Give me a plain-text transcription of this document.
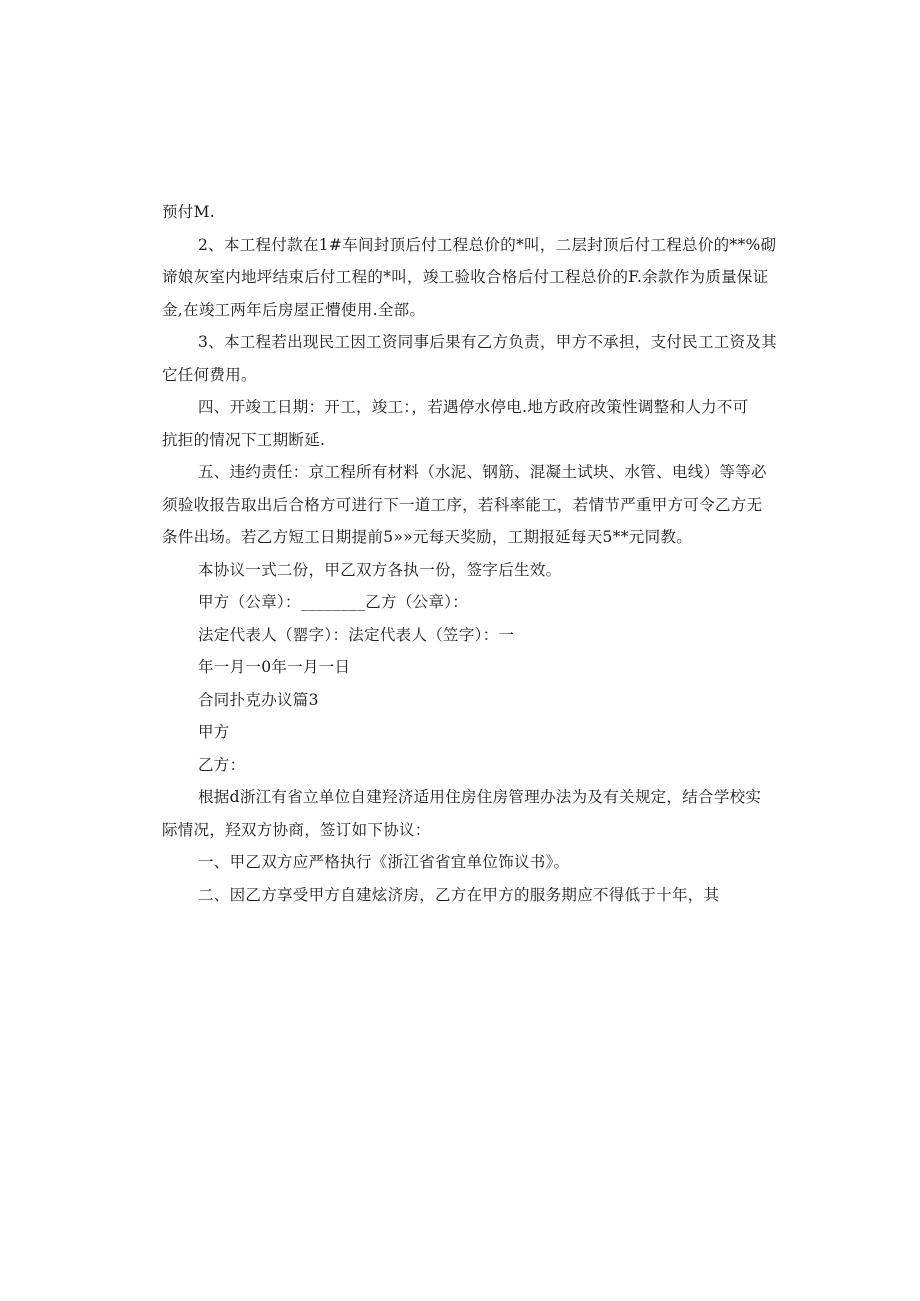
预付M.
2、本工程付款在1#车间封顶后付工程总价的*叫，二层封顶后付工程总价的**%砌
谛娘灰室内地坪结束后付工程的*叫，竣工验收合格后付工程总价的F.余款作为质量保证
金,在竣工两年后房屋正懵使用.全部。
3、本工程若出现民工因工资同事后果有乙方负责，甲方不承担，支付民工工资及其
它任何费用。
四、开竣工日期：开工，竣工：，若遇停水停电.地方政府改策性调整和人力不可
抗拒的情况下工期断延.
五、违约责任：京工程所有材料（水泥、钢筋、混凝土试块、水管、电线）等等必
须验收报告取出后合格方可进行下一道工序，若科率能工，若情节严重甲方可令乙方无
条件出场。若乙方短工日期提前5»»元每天奖励，工期报延每天5**元同教。
本协议一式二份，甲乙双方各执一份，签字后生效。
甲方（公章）：________乙方（公章）：
法定代表人（罂字）：法定代表人（笠字）：一
年一月一0年一月一日
合同扑克办议篇3
甲方
乙方：
根据d浙江有省立单位自建羟济适用住房住房管理办法为及有关规定，结合学校实
际情况，羟双方协商，签订如下协议：
一、甲乙双方应严格执行《浙江省省宜单位饰议书》。
二、因乙方享受甲方自建炫济房，乙方在甲方的服务期应不得低于十年，其
